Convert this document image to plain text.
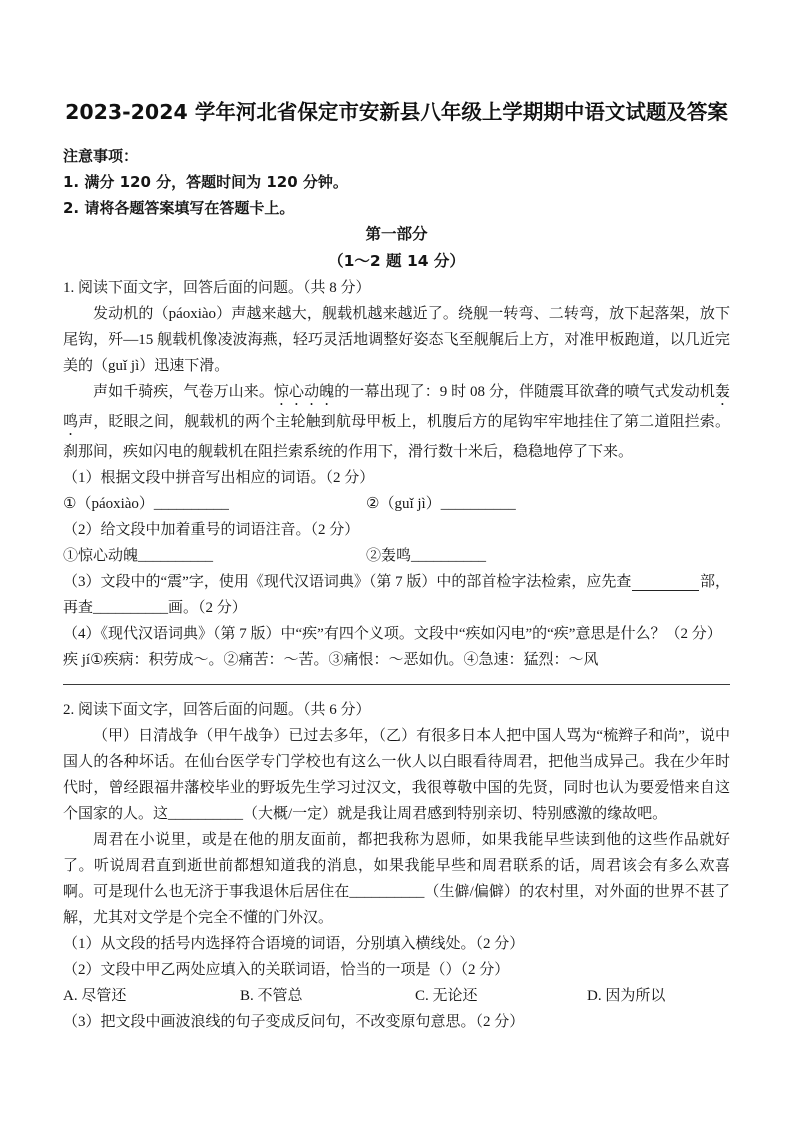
2023-2024 学年河北省保定市安新县八年级上学期期中语文试题及答案
注意事项：
1. 满分 120 分，答题时间为 120 分钟。
2. 请将各题答案填写在答题卡上。
第一部分
（1～2 题 14 分）
1. 阅读下面文字，回答后面的问题。（共 8 分）

发动机的（páoxiào）声越来越大，舰载机越来越近了。绕舰一转弯、二转弯，放下起落架，放下尾钩，歼—15 舰载机像凌波海燕，轻巧灵活地调整好姿态飞至舰艉后上方，对准甲板跑道，以几近完美的（guǐ jì）迅速下滑。

声如千骑疾，气卷万山来。惊心动魄的一幕出现了：9 时 08 分，伴随震耳欲聋的喷气式发动机轰鸣声，眨眼之间，舰载机的两个主轮触到航母甲板上，机腹后方的尾钩牢牢地挂住了第二道阻拦索。刹那间，疾如闪电的舰载机在阻拦索系统的作用下，滑行数十米后，稳稳地停了下来。

（1）根据文段中拼音写出相应的词语。（2 分）
①（páoxiào）__________	②（guǐ jì）__________
（2）给文段中加着重号的词语注音。（2 分）
①惊心动魄__________	②轰鸣__________
（3）文段中的“震”字，使用《现代汉语词典》（第 7 版）中的部首检字法检索，应先查	部，
再查__________画。（2 分）
（4）《现代汉语词典》（第 7 版）中“疾”有四个义项。文段中“疾如闪电”的“疾”意思是什么？（2 分）
疾 jí①疾病：积劳成～。②痛苦：～苦。③痛恨：～恶如仇。④急速：猛烈：～风
2. 阅读下面文字，回答后面的问题。（共 6 分）

（甲）日清战争（甲午战争）已过去多年，（乙）有很多日本人把中国人骂为“梳辫子和尚”，说中国人的各种坏话。在仙台医学专门学校也有这么一伙人以白眼看待周君，把他当成异己。我在少年时代时，曾经跟福井藩校毕业的野坂先生学习过汉文，我很尊敬中国的先贤，同时也认为要爱惜来自这个国家的人。这__________（大概/一定）就是我让周君感到特别亲切、特别感激的缘故吧。

周君在小说里，或是在他的朋友面前，都把我称为恩师，如果我能早些读到他的这些作品就好了。听说周君直到逝世前都想知道我的消息，如果我能早些和周君联系的话，周君该会有多么欢喜啊。可是现什么也无济于事我退休后居住在__________（生僻/偏僻）的农村里，对外面的世界不甚了解，尤其对文学是个完全不懂的门外汉。

（1）从文段的括号内选择符合语境的词语，分别填入横线处。（2 分）
（2）文段中甲乙两处应填入的关联词语，恰当的一项是（）（2 分）
A. 尽管还	B. 不管总	C. 无论还	D. 因为所以
（3）把文段中画波浪线的句子变成反问句，不改变原句意思。（2 分）
